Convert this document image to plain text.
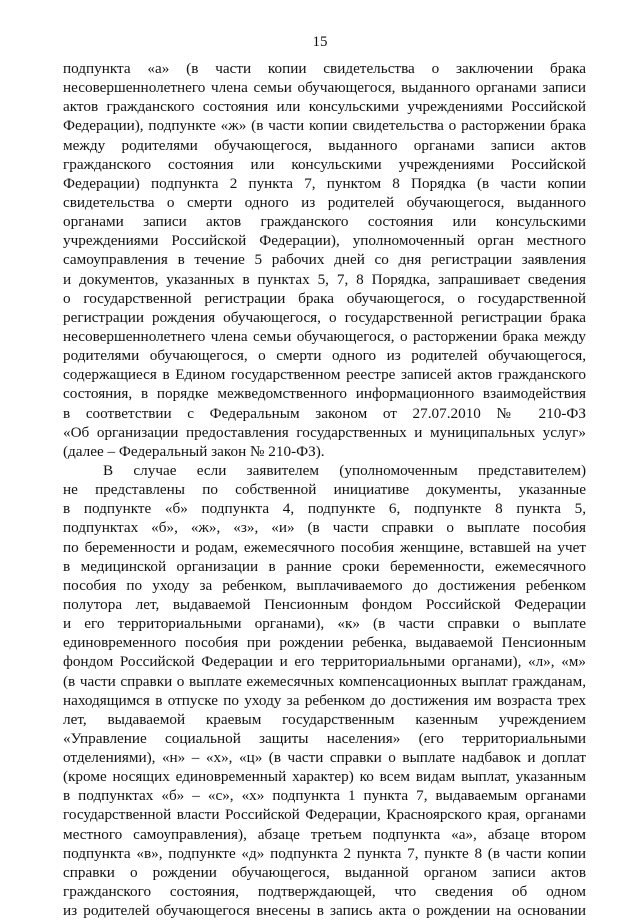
15
подпункта «а» (в части копии свидетельства о заключении брака
несовершеннолетнего члена семьи обучающегося, выданного органами записи
актов гражданского состояния или консульскими учреждениями Российской
Федерации), подпункте «ж» (в части копии свидетельства о расторжении брака
между родителями обучающегося, выданного органами записи актов
гражданского состояния или консульскими учреждениями Российской
Федерации) подпункта 2 пункта 7, пунктом 8 Порядка (в части копии
свидетельства о смерти одного из родителей обучающегося, выданного
органами записи актов гражданского состояния или консульскими
учреждениями Российской Федерации), уполномоченный орган местного
самоуправления в течение 5 рабочих дней со дня регистрации заявления
и документов, указанных в пунктах 5, 7, 8 Порядка, запрашивает сведения
о государственной регистрации брака обучающегося, о государственной
регистрации рождения обучающегося, о государственной регистрации брака
несовершеннолетнего члена семьи обучающегося, о расторжении брака между
родителями обучающегося, о смерти одного из родителей обучающегося,
содержащиеся в Едином государственном реестре записей актов гражданского
состояния, в порядке межведомственного информационного взаимодействия
в соответствии с Федеральным законом от 27.07.2010 № 210-ФЗ
«Об организации предоставления государственных и муниципальных услуг»
(далее – Федеральный закон № 210-ФЗ).
В случае если заявителем (уполномоченным представителем)
не представлены по собственной инициативе документы, указанные
в подпункте «б» подпункта 4, подпункте 6, подпункте 8 пункта 5,
подпунктах «б», «ж», «з», «и» (в части справки о выплате пособия
по беременности и родам, ежемесячного пособия женщине, вставшей на учет
в медицинской организации в ранние сроки беременности, ежемесячного
пособия по уходу за ребенком, выплачиваемого до достижения ребенком
полутора лет, выдаваемой Пенсионным фондом Российской Федерации
и его территориальными органами), «к» (в части справки о выплате
единовременного пособия при рождении ребенка, выдаваемой Пенсионным
фондом Российской Федерации и его территориальными органами), «л», «м»
(в части справки о выплате ежемесячных компенсационных выплат гражданам,
находящимся в отпуске по уходу за ребенком до достижения им возраста трех
лет, выдаваемой краевым государственным казенным учреждением
«Управление социальной защиты населения» (его территориальными
отделениями), «н» – «х», «ц» (в части справки о выплате надбавок и доплат
(кроме носящих единовременный характер) ко всем видам выплат, указанным
в подпунктах «б» – «с», «х» подпункта 1 пункта 7, выдаваемым органами
государственной власти Российской Федерации, Красноярского края, органами
местного самоуправления), абзаце третьем подпункта «а», абзаце втором
подпункта «в», подпункте «д» подпункта 2 пункта 7, пункте 8 (в части копии
справки о рождении обучающегося, выданной органом записи актов
гражданского состояния, подтверждающей, что сведения об одном
из родителей обучающегося внесены в запись акта о рождении на основании
